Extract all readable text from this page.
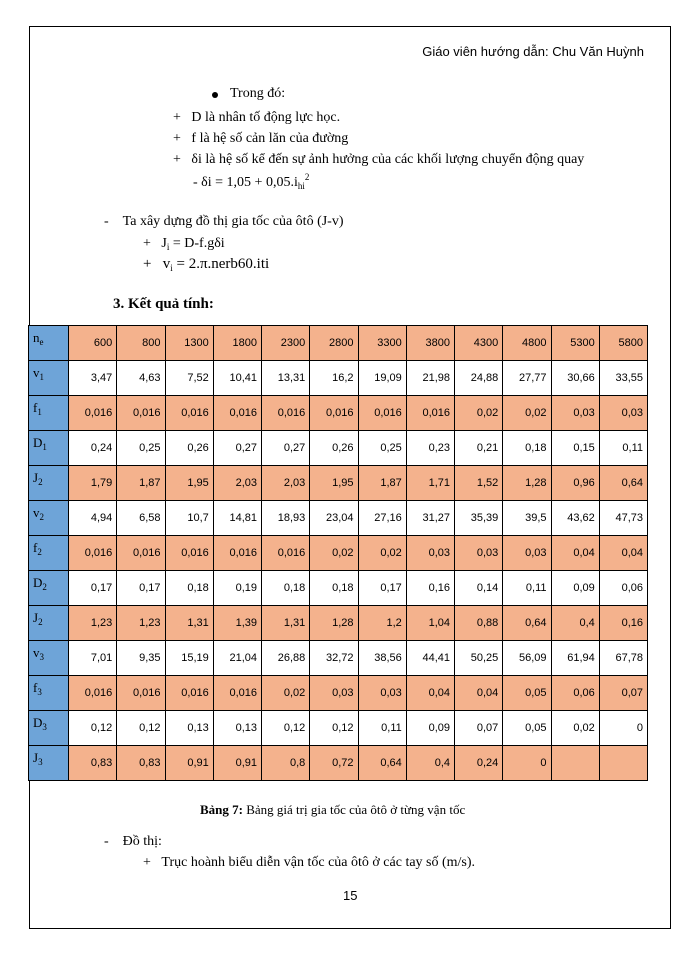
Giáo viên hướng dẫn: Chu Văn Huỳnh
Trong đó:
+ D là nhân tố động lực học.
+ f là hệ số cản lăn của đường
+ δi là hệ số kể đến sự ảnh hưởng của các khối lượng chuyển động quay
- $\delta i = 1,05 + 0,05.i_{hi}^2$
- Ta xây dựng đồ thị gia tốc của ôtô (J-v)
+ $J_i = D-f.g\delta i$
+ $v_i$ = 2.π.nerb60.iti
3. Kết quả tính:
$n_e$	600	800	1300	1800	2300	2800	3300	3800	4300	4800	5300	5800
$v_1$	3,47	4,63	7,52	10,41	13,31	16,2	19,09	21,98	24,88	27,77	30,66	33,55
$f_1$	0,016	0,016	0,016	0,016	0,016	0,016	0,016	0,016	0,02	0,02	0,03	0,03
$D_1$	0,24	0,25	0,26	0,27	0,27	0,26	0,25	0,23	0,21	0,18	0,15	0,11
$J_2$	1,79	1,87	1,95	2,03	2,03	1,95	1,87	1,71	1,52	1,28	0,96	0,64
$v_2$	4,94	6,58	10,7	14,81	18,93	23,04	27,16	31,27	35,39	39,5	43,62	47,73
$f_2$	0,016	0,016	0,016	0,016	0,016	0,02	0,02	0,03	0,03	0,03	0,04	0,04
$D_2$	0,17	0,17	0,18	0,19	0,18	0,18	0,17	0,16	0,14	0,11	0,09	0,06
$J_2$	1,23	1,23	1,31	1,39	1,31	1,28	1,2	1,04	0,88	0,64	0,4	0,16
$v_3$	7,01	9,35	15,19	21,04	26,88	32,72	38,56	44,41	50,25	56,09	61,94	67,78
$f_3$	0,016	0,016	0,016	0,016	0,02	0,03	0,03	0,04	0,04	0,05	0,06	0,07
$D_3$	0,12	0,12	0,13	0,13	0,12	0,12	0,11	0,09	0,07	0,05	0,02	0
$J_3$	0,83	0,83	0,91	0,91	0,8	0,72	0,64	0,4	0,24	0		
Bảng 7: Bảng giá trị gia tốc của ôtô ở từng vận tốc
- Đồ thị:
+ Trục hoành biểu diễn vận tốc của ôtô ở các tay số (m/s).
15
